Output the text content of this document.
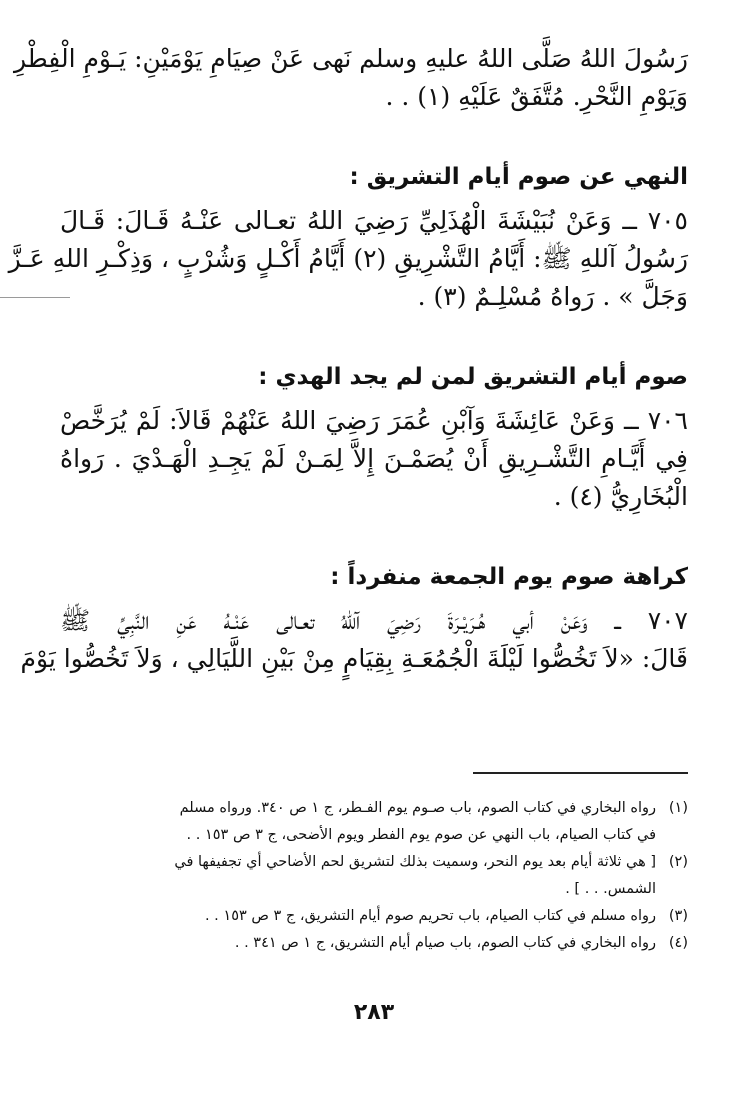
رَسُولَ اللهُ صَلَّى اللهُ عليهِ وسلم نَهى عَنْ صِيَامِ يَوْمَيْنِ: يَـوْمِ الْفِطْرِ
وَيَوْمِ النَّحْرِ. مُتَّفَقٌ عَلَيْهِ (١) . .
النهي عن صوم أيام التشريق :
٧٠٥ ــ وَعَنْ نُبَيْشَةَ الْهُذَلِيِّ رَضِيَ اللهُ تعـالى عَنْـهُ قَـالَ: قَـالَ
رَسُولُ آللهِ ﷺ: أَيَّامُ التَّشْرِيقِ (٢) أَيَّامُ أَكْـلٍ وَشُرْبٍ ، وَذِكْـرِ اللهِ عَـزَّ
وَجَلَّ » . رَواهُ مُسْلِـمٌ (٣) .
صوم أيام التشريق لمن لم يجد الهدي :
٧٠٦ ــ وَعَنْ عَائِشَةَ وَآبْنِ عُمَرَ رَضِيَ اللهُ عَنْهُمْ قَالاَ: لَمْ يُرَخَّصْ
فِي أَيَّـامِ التَّشْـرِيقِ أَنْ يُصَمْـنَ إِلاَّ لِمَـنْ لَمْ يَجِـدِ الْهَـدْيَ . رَواهُ
الْبُخَارِيُّ (٤) .
كراهة صوم يوم الجمعة منفرداً :
٧٠٧ ــ وَعَنْ أبي هُـرَيْـرَةَ رَضِيَ آللهُ تعـالى عَنْـهُ عَنِ النَّبِيِّ ﷺ
قَالَ: «لاَ تَخُصُّوا لَيْلَةَ الْجُمُعَـةِ بِقِيَامٍ مِنْ بَيْنِ اللَّيَالِي ، وَلاَ تَخُصُّوا يَوْمَ
(١)
رواه البخاري في كتاب الصوم، باب صـوم يوم الفـطر، ج ١ ص ٣٤٠. ورواه مسلم
في كتاب الصيام، باب النهي عن صوم يوم الفطر ويوم الأضحى، ج ٣ ص ١٥٣ . .
(٢)
[ هي ثلاثة أيام بعد يوم النحر، وسميت بذلك لتشريق لحم الأضاحي أي تجفيفها في
الشمس. . . ] .
(٣)
رواه مسلم في كتاب الصيام، باب تحريم صوم أيام التشريق، ج ٣ ص ١٥٣ . .
(٤)
رواه البخاري في كتاب الصوم، باب صيام أيام التشريق، ج ١ ص ٣٤١ . .
٢٨٣
